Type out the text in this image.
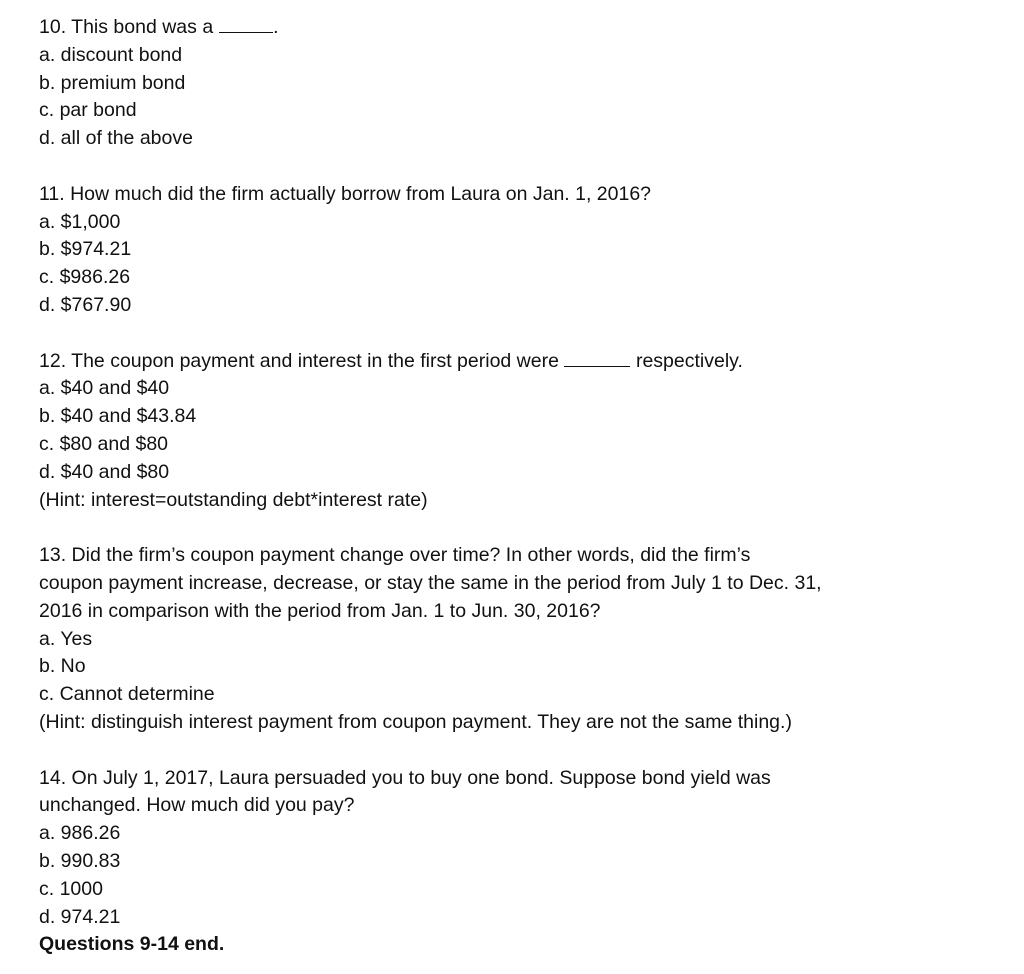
10. This bond was a	.
a. discount bond
b. premium bond
c. par bond
d. all of the above
11. How much did the firm actually borrow from Laura on Jan. 1, 2016?
a. $1,000
b. $974.21
c. $986.26
d. $767.90
12. The coupon payment and interest in the first period were	respectively.
a. $40 and $40
b. $40 and $43.84
c. $80 and $80
d. $40 and $80
(Hint: interest=outstanding debt*interest rate)
13. Did the firm’s coupon payment change over time? In other words, did the firm’s
coupon payment increase, decrease, or stay the same in the period from July 1 to Dec. 31,
2016 in comparison with the period from Jan. 1 to Jun. 30, 2016?
a. Yes
b. No
c. Cannot determine
(Hint: distinguish interest payment from coupon payment. They are not the same thing.)
14. On July 1, 2017, Laura persuaded you to buy one bond. Suppose bond yield was
unchanged. How much did you pay?
a. 986.26
b. 990.83
c. 1000
d. 974.21
Questions 9-14 end.
